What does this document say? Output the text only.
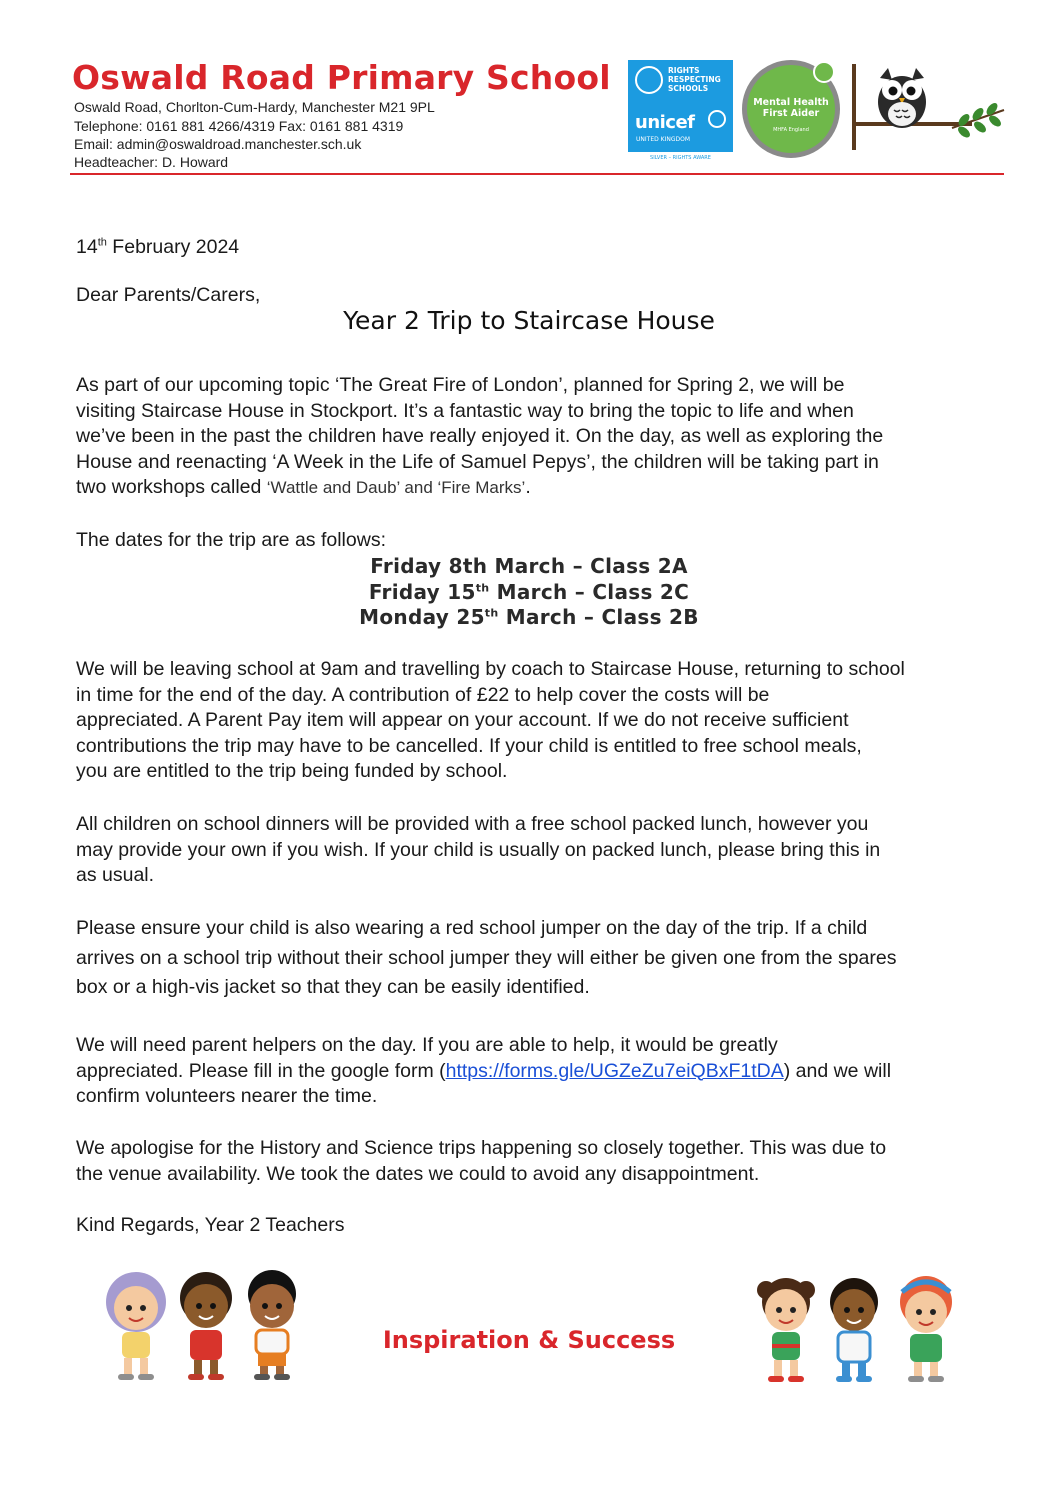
Oswald Road Primary School
Oswald Road, Chorlton-Cum-Hardy, Manchester M21 9PL
Telephone: 0161 881 4266/4319 Fax: 0161 881 4319
Email: admin@oswaldroad.manchester.sch.uk
Headteacher: D. Howard
RIGHTS
RESPECTING
SCHOOLS
unicef
UNITED KINGDOM
SILVER – RIGHTS AWARE
Mental Health
First Aider
MHFA England
14th February 2024
Dear Parents/Carers,
Year 2 Trip to Staircase House
As part of our upcoming topic ‘The Great Fire of London’, planned for Spring 2, we will be
visiting Staircase House in Stockport. It’s a fantastic way to bring the topic to life and when
we’ve been in the past the children have really enjoyed it. On the day, as well as exploring the
House and reenacting ‘A Week in the Life of Samuel Pepys’, the children will be taking part in
two workshops called ‘Wattle and Daub’ and ‘Fire Marks’.
The dates for the trip are as follows:
Friday 8th March – Class 2A
Friday 15th March – Class 2C
Monday 25th March – Class 2B
We will be leaving school at 9am and travelling by coach to Staircase House, returning to school
in time for the end of the day. A contribution of £22 to help cover the costs will be
appreciated. A Parent Pay item will appear on your account. If we do not receive sufficient
contributions the trip may have to be cancelled. If your child is entitled to free school meals,
you are entitled to the trip being funded by school.
All children on school dinners will be provided with a free school packed lunch, however you
may provide your own if you wish. If your child is usually on packed lunch, please bring this in
as usual.
Please ensure your child is also wearing a red school jumper on the day of the trip. If a child
arrives on a school trip without their school jumper they will either be given one from the spares
box or a high-vis jacket so that they can be easily identified.
We will need parent helpers on the day. If you are able to help, it would be greatly
appreciated. Please fill in the google form (https://forms.gle/UGZeZu7eiQBxF1tDA) and we will
confirm volunteers nearer the time.
We apologise for the History and Science trips happening so closely together. This was due to
the venue availability. We took the dates we could to avoid any disappointment.
Kind Regards, Year 2 Teachers
Inspiration & Success
